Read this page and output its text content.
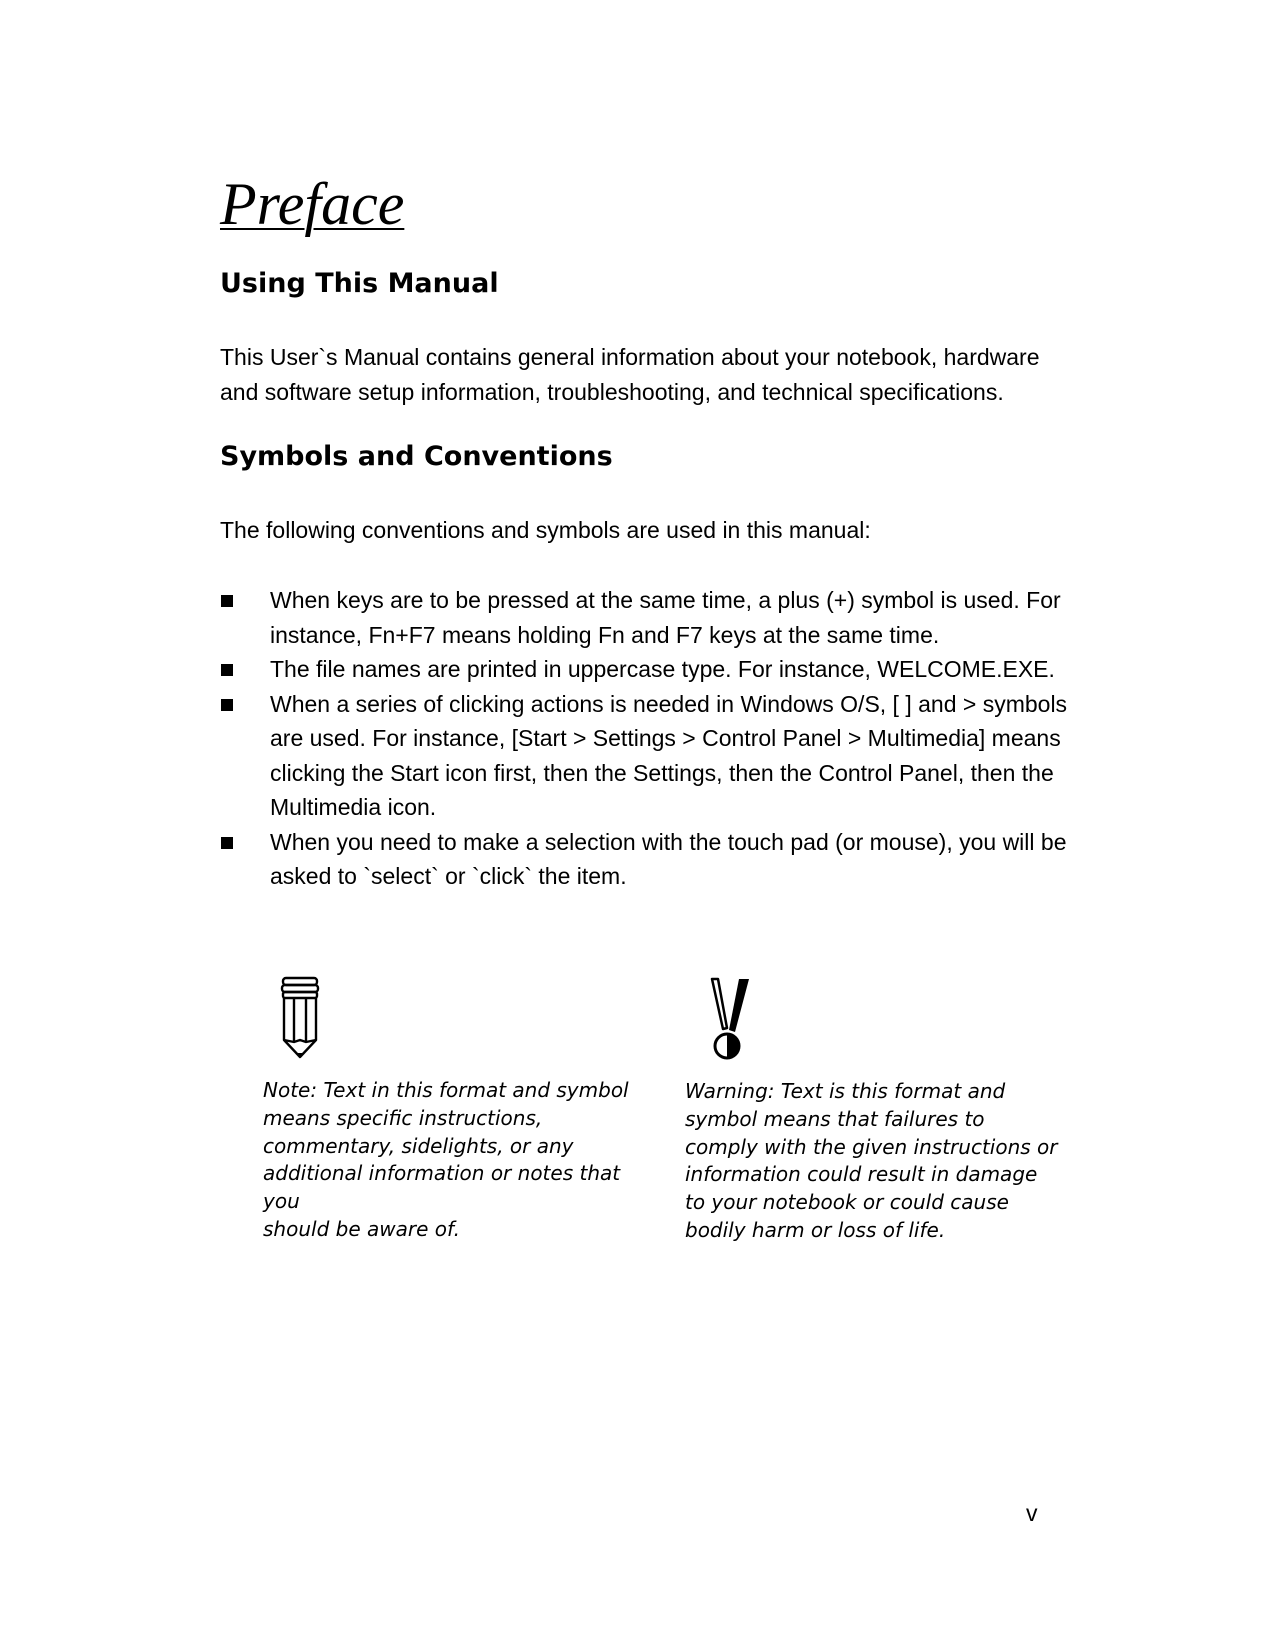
Preface
Using This Manual

This User`s Manual contains general information about your notebook, hardware and software setup information, troubleshooting, and technical specifications.

Symbols and Conventions

The following conventions and symbols are used in this manual:

When keys are to be pressed at the same time, a plus (+) symbol is used. For instance, Fn+F7 means holding Fn and F7 keys at the same time.
The file names are printed in uppercase type. For instance, WELCOME.EXE.
When a series of clicking actions is needed in Windows O/S, [ ] and > symbols are used. For instance, [Start > Settings > Control Panel > Multimedia] means clicking the Start icon first, then the Settings, then the Control Panel, then the Multimedia icon.
When you need to make a selection with the touch pad (or mouse), you will be asked to `select` or `click` the item.

Note: Text in this format and symbol
means specific instructions,
commentary, sidelights, or any
additional information or notes that you
should be aware of.

Warning: Text is this format and
symbol means that failures to
comply with the given instructions or
information could result in damage
to your notebook or could cause
bodily harm or loss of life.

v
